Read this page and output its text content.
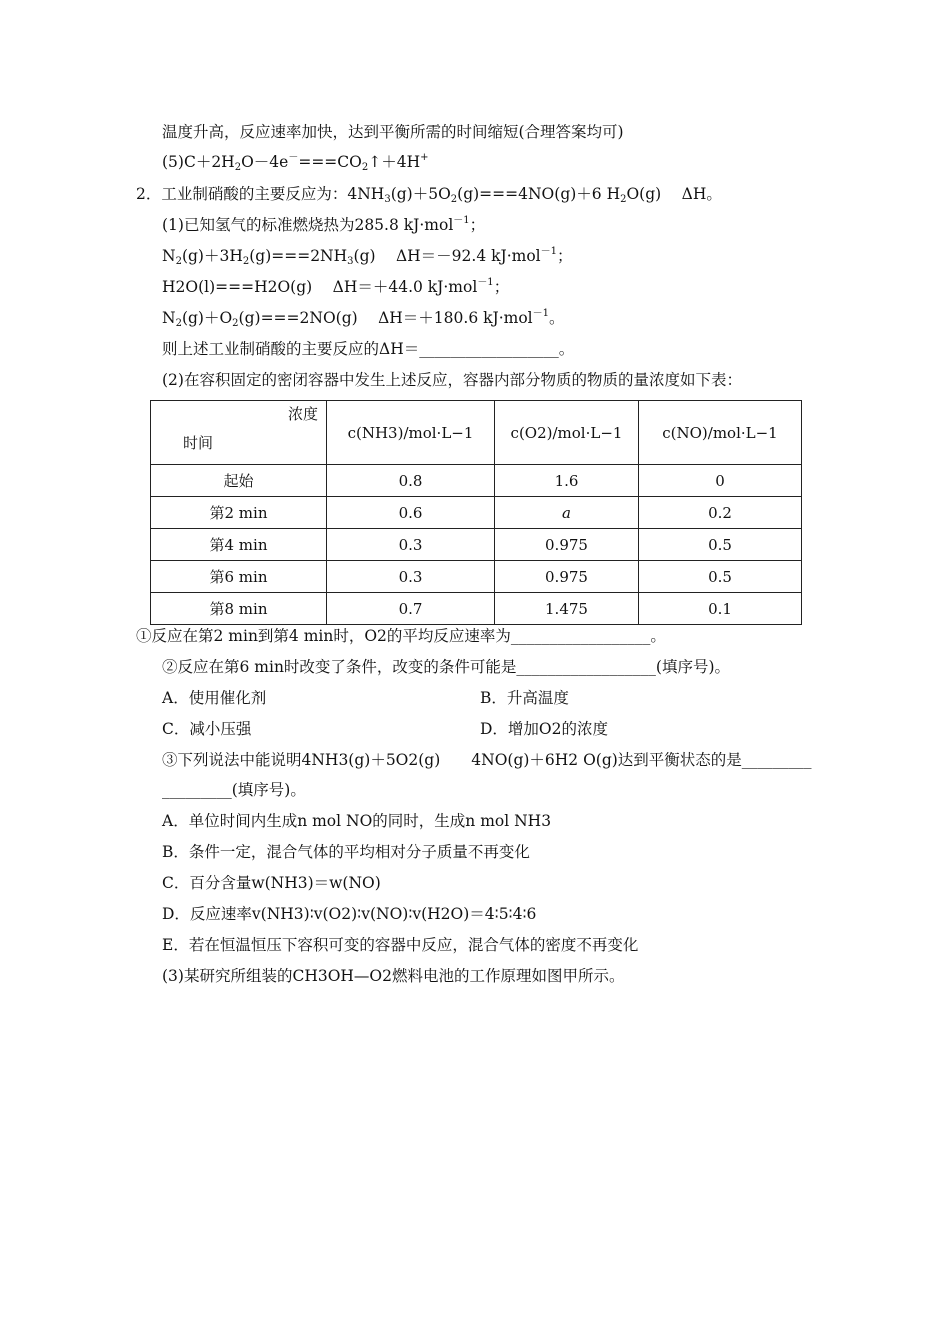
温度升高，反应速率加快，达到平衡所需的时间缩短(合理答案均可)
$(5)C+2H_2O-4e^-===CO_2↑+4H^+$
2．工业制硝酸的主要反应为：$4NH_3(g)+5O_2(g)===4NO(g)+6$ $H_2O(g)$　 ΔH。
(1)已知氢气的标准燃烧热为285.8 kJ·mol$^{-1}$；
$N_2(g)+3H_2(g)===2NH_3(g)$　 ΔH＝－92.4 kJ·mol$^{-1}$；
H2O(l)===H2O(g)　 ΔH＝＋44.0 kJ·mol$^{-1}$；
$N_2(g)+O_2(g)===2NO(g)$　 ΔH＝＋180.6 kJ·mol$^{-1}$。
则上述工业制硝酸的主要反应的ΔH＝__________________。
(2)在容积固定的密闭容器中发生上述反应，容器内部分物质的物质的量浓度如下表：
浓度
时间	c(NH3)/mol·L−1	c(O2)/mol·L−1	c(NO)/mol·L−1
起始	0.8	1.6	0
第2 min	0.6	a	0.2
第4 min	0.3	0.975	0.5
第6 min	0.3	0.975	0.5
第8 min	0.7	1.475	0.1
①反应在第2 min到第4 min时，O2的平均反应速率为__________________。
②反应在第6 min时改变了条件，改变的条件可能是__________________(填序号)。
A．使用催化剂	B．升高温度
C．减小压强	D．增加O2的浓度
③下列说法中能说明4NH3(g)＋5O2(g)　　4NO(g)＋6H2 O(g)达到平衡状态的是_________
_________(填序号)。
A．单位时间内生成n mol NO的同时，生成n mol NH3
B．条件一定，混合气体的平均相对分子质量不再变化
C．百分含量w(NH3)＝w(NO)
D．反应速率v(NH3)∶v(O2)∶v(NO)∶v(H2O)＝4∶5∶4∶6
E．若在恒温恒压下容积可变的容器中反应，混合气体的密度不再变化
(3)某研究所组装的CH3OH—O2燃料电池的工作原理如图甲所示。
